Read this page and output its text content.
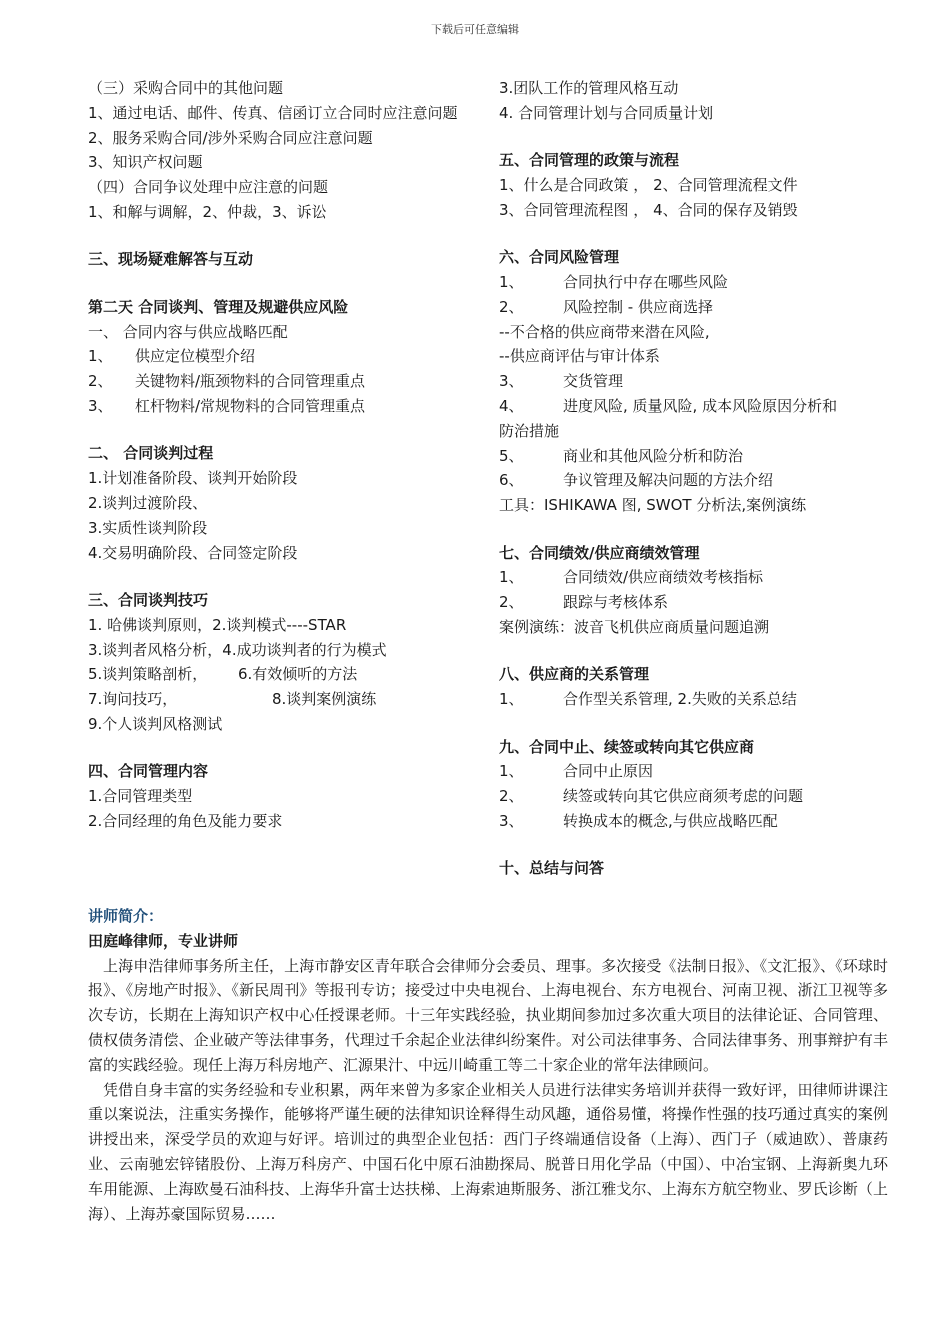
下载后可任意编辑
（三）采购合同中的其他问题
1、通过电话、邮件、传真、信函订立合同时应注意问题
2、服务采购合同/涉外采购合同应注意问题
3、知识产权问题
（四）合同争议处理中应注意的问题
1、和解与调解，2、仲裁，3、诉讼
三、现场疑难解答与互动
第二天 合同谈判、管理及规避供应风险
一、 合同内容与供应战略匹配
1、 供应定位模型介绍
2、 关键物料/瓶颈物料的合同管理重点
3、 杠杆物料/常规物料的合同管理重点
二、 合同谈判过程
1.计划准备阶段、谈判开始阶段
2.谈判过渡阶段、
3.实质性谈判阶段
4.交易明确阶段、合同签定阶段
三、合同谈判技巧
1. 哈佛谈判原则，2.谈判模式----STAR
3.谈判者风格分析，4.成功谈判者的行为模式
5.谈判策略剖析， 6.有效倾听的方法
7.询问技巧，	8.谈判案例演练
9.个人谈判风格测试
四、合同管理内容
1.合同管理类型
2.合同经理的角色及能力要求
3.团队工作的管理风格互动
4. 合同管理计划与合同质量计划
五、合同管理的政策与流程
1、什么是合同政策 ， 2、合同管理流程文件
3、合同管理流程图 ， 4、合同的保存及销毁
六、合同风险管理
1、	合同执行中存在哪些风险
2、	风险控制 - 供应商选择
--不合格的供应商带来潜在风险,
--供应商评估与审计体系
3、	交货管理
4、	进度风险, 质量风险, 成本风险原因分析和
防治措施
5、	商业和其他风险分析和防治
6、	争议管理及解决问题的方法介绍
工具：ISHIKAWA 图, SWOT 分析法,案例演练
七、合同绩效/供应商绩效管理
1、	合同绩效/供应商绩效考核指标
2、	跟踪与考核体系
案例演练：波音飞机供应商质量问题追溯
八、供应商的关系管理
1、	合作型关系管理, 2.失败的关系总结
九、合同中止、续签或转向其它供应商
1、	合同中止原因
2、	续签或转向其它供应商须考虑的问题
3、	转换成本的概念,与供应战略匹配
十、总结与问答
讲师简介：
田庭峰律师，专业讲师

上海申浩律师事务所主任，上海市静安区青年联合会律师分会委员、理事。多次接受《法制日报》、《文汇报》、《环球时报》、《房地产时报》、《新民周刊》等报刊专访；接受过中央电视台、上海电视台、东方电视台、河南卫视、浙江卫视等多次专访，长期在上海知识产权中心任授课老师。十三年实践经验，执业期间参加过多次重大项目的法律论证、合同管理、债权债务清偿、企业破产等法律事务，代理过千余起企业法律纠纷案件。对公司法律事务、合同法律事务、刑事辩护有丰富的实践经验。现任上海万科房地产、汇源果汁、中远川崎重工等二十家企业的常年法律顾问。

凭借自身丰富的实务经验和专业积累，两年来曾为多家企业相关人员进行法律实务培训并获得一致好评，田律师讲课注重以案说法，注重实务操作，能够将严谨生硬的法律知识诠释得生动风趣，通俗易懂，将操作性强的技巧通过真实的案例讲授出来，深受学员的欢迎与好评。培训过的典型企业包括：西门子终端通信设备（上海）、西门子（威迪欧）、普康药业、云南驰宏锌锗股份、上海万科房产、中国石化中原石油勘探局、脱普日用化学品（中国）、中冶宝钢、上海新奥九环车用能源、上海欧曼石油科技、上海华升富士达扶梯、上海索迪斯服务、浙江雅戈尔、上海东方航空物业、罗氏诊断（上海）、上海苏豪国际贸易……
